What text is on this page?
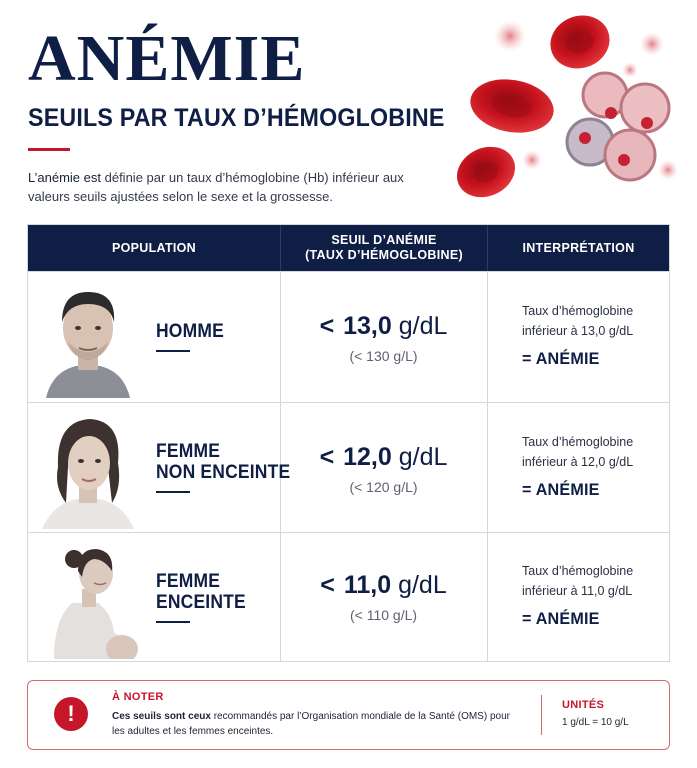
ANÉMIE
SEUILS PAR TAUX D’HÉMOGLOBINE

L’anémie est définie par un taux d’hémoglobine (Hb) inférieur aux valeurs seuils ajustées selon le sexe et la grossesse.

POPULATION
SEUIL D’ANÉMIE
(TAUX D’HÉMOGLOBINE)
INTERPRÉTATION
HOMME	< 13,0 g/dL
(< 130 g/L)
Taux d’hémoglobine
inférieur à 13,0 g/dL
= ANÉMIE
FEMME
NON ENCEINTE
< 12,0 g/dL
(< 120 g/L)
Taux d’hémoglobine
inférieur à 12,0 g/dL
= ANÉMIE
FEMME
ENCEINTE
< 11,0 g/dL
(< 110 g/L)
Taux d’hémoglobine
inférieur à 11,0 g/dL
= ANÉMIE
!
À NOTER

Ces seuils sont ceux recommandés par l’Organisation mondiale de la Santé (OMS) pour les adultes et les femmes enceintes.

UNITÉS
1 g/dL = 10 g/L
